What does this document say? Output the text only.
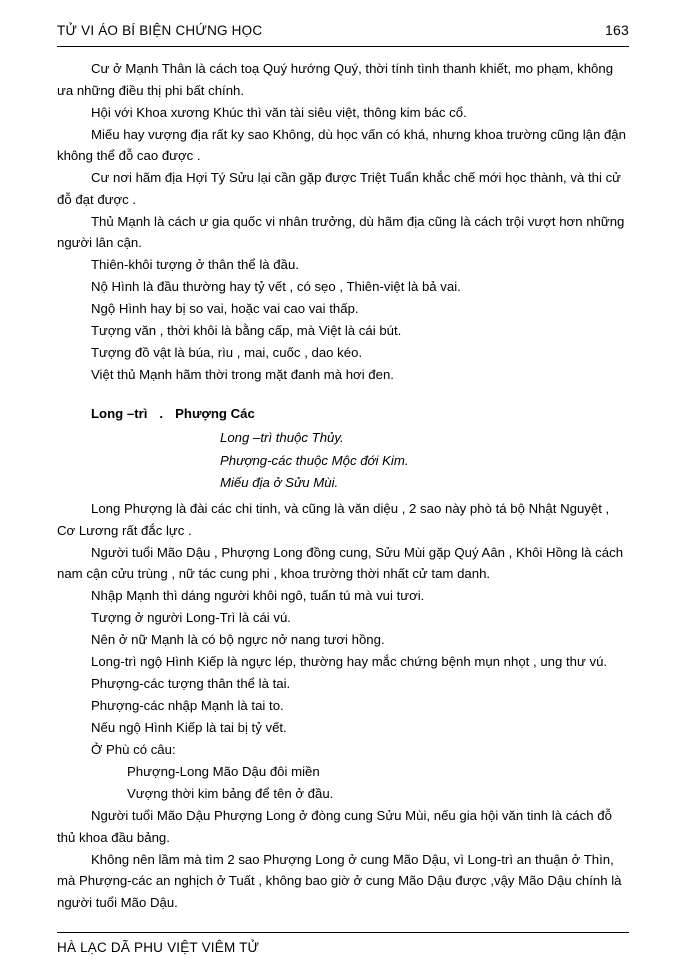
TỬ VI ÁO BÍ BIỆN CHỨNG HỌC	163

Cư ở Mạnh Thân là cách toạ Quý hướng Quý, thời tính tình thanh khiết, mo phạm, không ưa những điều thị phi bất chính.

Hội với Khoa xương Khúc thì văn tài siêu việt, thông kim bác cổ.

Miếu hay vượng địa rất ky sao Không, dù học vấn có khá, nhưng khoa trường cũng lận đận không thể đỗ cao được .

Cư nơi hãm địa Hợi Tý Sửu lại cần gặp được Triệt Tuẩn khắc chế mới học thành, và thi cử đỗ đạt được .

Thủ Mạnh là cách ư gia quốc vi nhân trưởng, dù hãm địa cũng là cách trội vượt hơn những người lân cận.

Thiên-khôi tượng ở thân thể là đầu.

Nộ Hình là đầu thường hay tỷ vết , có sẹo , Thiên-việt là bả vai.

Ngộ Hình hay bị so vai, hoặc vai cao vai thấp.

Tượng văn , thời khôi là bằng cấp, mà Việt là cái bút.

Tượng đồ vật là búa, rìu , mai, cuốc , dao kéo.

Việt thủ Mạnh hãm thời trong mặt đanh mà hơi đen.

Long –trì . Phượng Các

Long –trì thuộc Thủy.

Phượng-các thuộc Mộc đới Kim.

Miếu địa ở Sửu Mùi.

Long Phượng là đài các chi tinh, và cũng là văn diệu , 2 sao này phò tá bộ Nhật Nguyệt , Cơ Lương rất đắc lực .

Người tuổi Mão Dậu , Phượng Long đồng cung, Sửu Mùi gặp Quý Aân , Khôi Hồng là cách nam cận cửu trùng , nữ tác cung phi , khoa trường thời nhất cử tam danh.

Nhập Mạnh thì dáng người khôi ngô, tuấn tú mà vui tươi.

Tượng ở người Long-Trì là cái vú.

Nên ở nữ Mạnh là có bộ ngực nở nang tươi hồng.

Long-trì ngộ Hình Kiếp là ngực lép, thường hay mắc chứng bệnh mụn nhọt , ung thư vú.

Phượng-các tượng thân thể là tai.

Phượng-các nhập Mạnh là tai to.

Nếu ngộ Hình Kiếp là tai bị tỷ vết.

Ở Phù có câu:

Phượng-Long Mão Dậu đôi miền

Vượng thời kim bảng để tên ở đầu.

Người tuổi Mão Dậu Phượng Long ở đòng cung Sửu Mùi, nếu gia hội văn tinh là cách đỗ thủ khoa đầu bảng.

Không nên lầm mà tìm 2 sao Phượng Long ở cung Mão Dậu, vì Long-trì an thuận ở Thìn, mà Phượng-các an nghịch ở Tuất , không bao giờ ở cung Mão Dậu được ,vậy Mão Dậu chính là người tuổi Mão Dậu.

HÀ LẠC DÃ PHU VIỆT VIÊM TỬ
